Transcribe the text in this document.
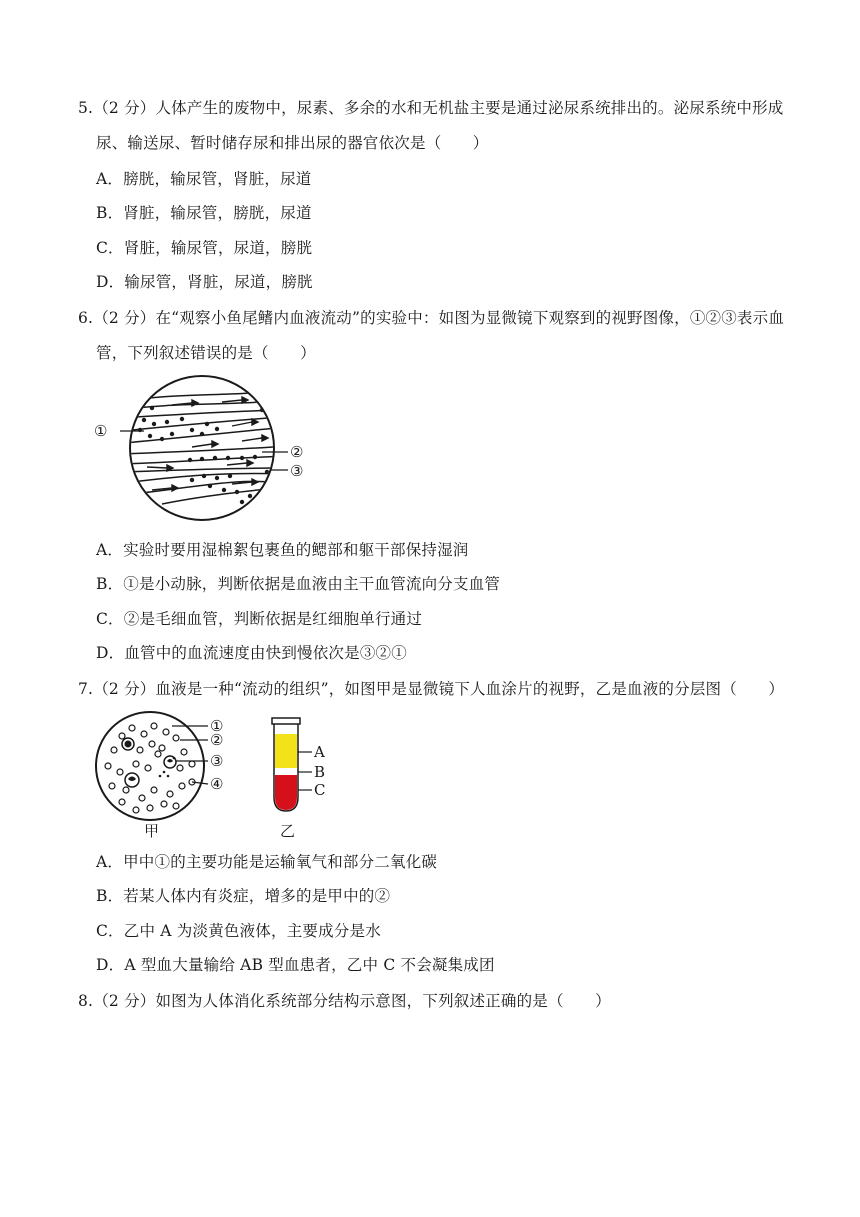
5.（2 分）人体产生的废物中，尿素、多余的水和无机盐主要是通过泌尿系统排出的。泌尿系统中形成
尿、输送尿、暂时储存尿和排出尿的器官依次是（　　）
A．膀胱，输尿管，肾脏，尿道
B．肾脏，输尿管，膀胱，尿道
C．肾脏，输尿管，尿道，膀胱
D．输尿管，肾脏，尿道，膀胱
6.（2 分）在“观察小鱼尾鳍内血液流动”的实验中：如图为显微镜下观察到的视野图像，①②③表示血
管，下列叙述错误的是（　　）
①
②
③
A．实验时要用湿棉絮包裹鱼的鳃部和躯干部保持湿润
B．①是小动脉，判断依据是血液由主干血管流向分支血管
C．②是毛细血管，判断依据是红细胞单行通过
D．血管中的血流速度由快到慢依次是③②①
7.（2 分）血液是一种“流动的组织”，如图甲是显微镜下人血涂片的视野，乙是血液的分层图（　　）
①
②
③
④
甲
A
B
C
乙
A．甲中①的主要功能是运输氧气和部分二氧化碳
B．若某人体内有炎症，增多的是甲中的②
C．乙中 A 为淡黄色液体，主要成分是水
D．A 型血大量输给 AB 型血患者，乙中 C 不会凝集成团
8.（2 分）如图为人体消化系统部分结构示意图，下列叙述正确的是（　　）
